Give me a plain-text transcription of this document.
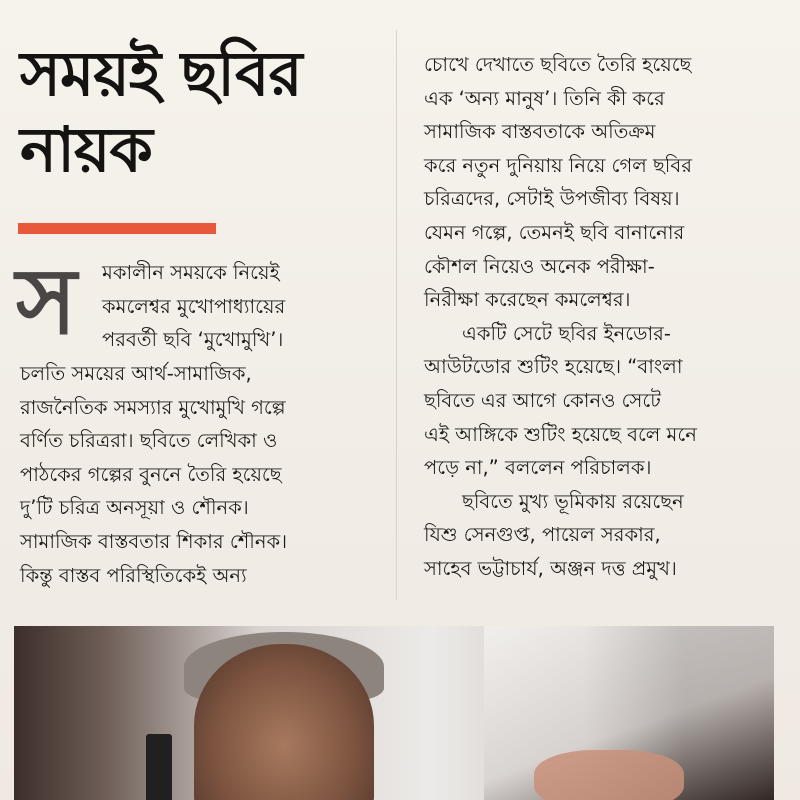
সময়ই ছবির
নায়ক
স	মকালীন সময়কে নিয়েই
কমলেশ্বর মুখোপাধ্যায়ের
পরবর্তী ছবি ‘মুখোমুখি’।
চলতি সময়ের আর্থ-সামাজিক,
রাজনৈতিক সমস্যার মুখোমুখি গল্পে
বর্ণিত চরিত্ররা। ছবিতে লেখিকা ও
পাঠকের গল্পের বুননে তৈরি হয়েছে
দু’টি চরিত্র অনসূয়া ও শৌনক।
সামাজিক বাস্তবতার শিকার শৌনক।
কিন্তু বাস্তব পরিস্থিতিকেই অন্য
চোখে দেখাতে ছবিতে তৈরি হয়েছে
এক ‘অন্য মানুষ’। তিনি কী করে
সামাজিক বাস্তবতাকে অতিক্রম
করে নতুন দুনিয়ায় নিয়ে গেল ছবির
চরিত্রদের, সেটাই উপজীব্য বিষয়।
যেমন গল্পে, তেমনই ছবি বানানোর
কৌশল নিয়েও অনেক পরীক্ষা-
নিরীক্ষা করেছেন কমলেশ্বর।
একটি সেটে ছবির ইনডোর-
আউটডোর শুটিং হয়েছে। “বাংলা
ছবিতে এর আগে কোনও সেটে
এই আঙ্গিকে শুটিং হয়েছে বলে মনে
পড়ে না,” বললেন পরিচালক।
ছবিতে মুখ্য ভূমিকায় রয়েছেন
যিশু সেনগুপ্ত, পায়েল সরকার,
সাহেব ভট্টাচার্য, অঞ্জন দত্ত প্রমুখ।
